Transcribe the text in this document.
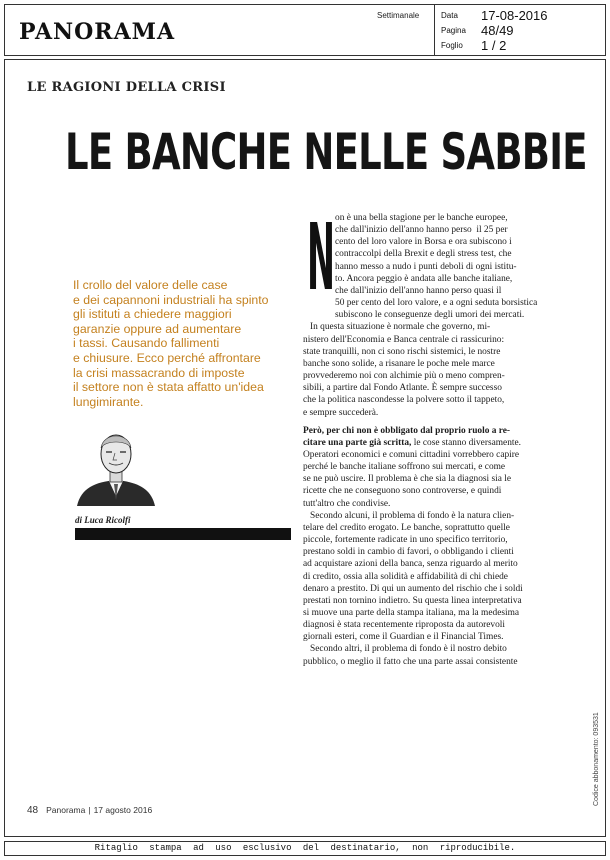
PANORAMA
Settimanale	Data 17-08-2016
Pagina 48/49
Foglio 1 / 2
LE RAGIONI DELLA CRISI
LE BANCHE NELLE SABBIE
Il crollo del valore delle case
e dei capannoni industriali ha spinto
gli istituti a chiedere maggiori
garanzie oppure ad aumentare
i tassi. Causando fallimenti
e chiusure. Ecco perché affrontare
la crisi massacrando di imposte
il settore non è stata affatto un'idea
lungimirante.
di Luca Ricolfi
N on è una bella stagione per le banche europee,
che dall'inizio dell'anno hanno perso  il 25 per
cento del loro valore in Borsa e ora subiscono i
contraccolpi della Brexit e degli stress test, che
hanno messo a nudo i punti deboli di ogni istitu-
to. Ancora peggio è andata alle banche italiane,
che dall'inizio dell'anno hanno perso quasi il
50 per cento del loro valore, e a ogni seduta borsistica
subiscono le conseguenze degli umori dei mercati.
In questa situazione è normale che governo, mi-
nistero dell'Economia e Banca centrale ci rassicurino:
state tranquilli, non ci sono rischi sistemici, le nostre
banche sono solide, a risanare le poche mele marce
provvederemo noi con alchimie più o meno compren-
sibili, a partire dal Fondo Atlante. È sempre successo
che la politica nascondesse la polvere sotto il tappeto,
e sempre succederà.
Però, per chi non è obbligato dal proprio ruolo a re-
citare una parte già scritta, le cose stanno diversamente.
Operatori economici e comuni cittadini vorrebbero capire
perché le banche italiane soffrono sui mercati, e come
se ne può uscire. Il problema è che sia la diagnosi sia le
ricette che ne conseguono sono controverse, e quindi
tutt'altro che condivise.
Secondo alcuni, il problema di fondo è la natura clien-
telare del credito erogato. Le banche, soprattutto quelle
piccole, fortemente radicate in uno specifico territorio,
prestano soldi in cambio di favori, o obbligando i clienti
ad acquistare azioni della banca, senza riguardo al merito
di credito, ossia alla solidità e affidabilità di chi chiede
denaro a prestito. Di qui un aumento del rischio che i soldi
prestati non tornino indietro. Su questa linea interpretativa
si muove una parte della stampa italiana, ma la medesima
diagnosi è stata recentemente riproposta da autorevoli
giornali esteri, come il Guardian e il Financial Times.
Secondo altri, il problema di fondo è il nostro debito
pubblico, o meglio il fatto che una parte assai consistente
48 Panorama | 17 agosto 2016
Codice abbonamento: 093531
Ritaglio stampa ad uso esclusivo del destinatario, non riproducibile.
